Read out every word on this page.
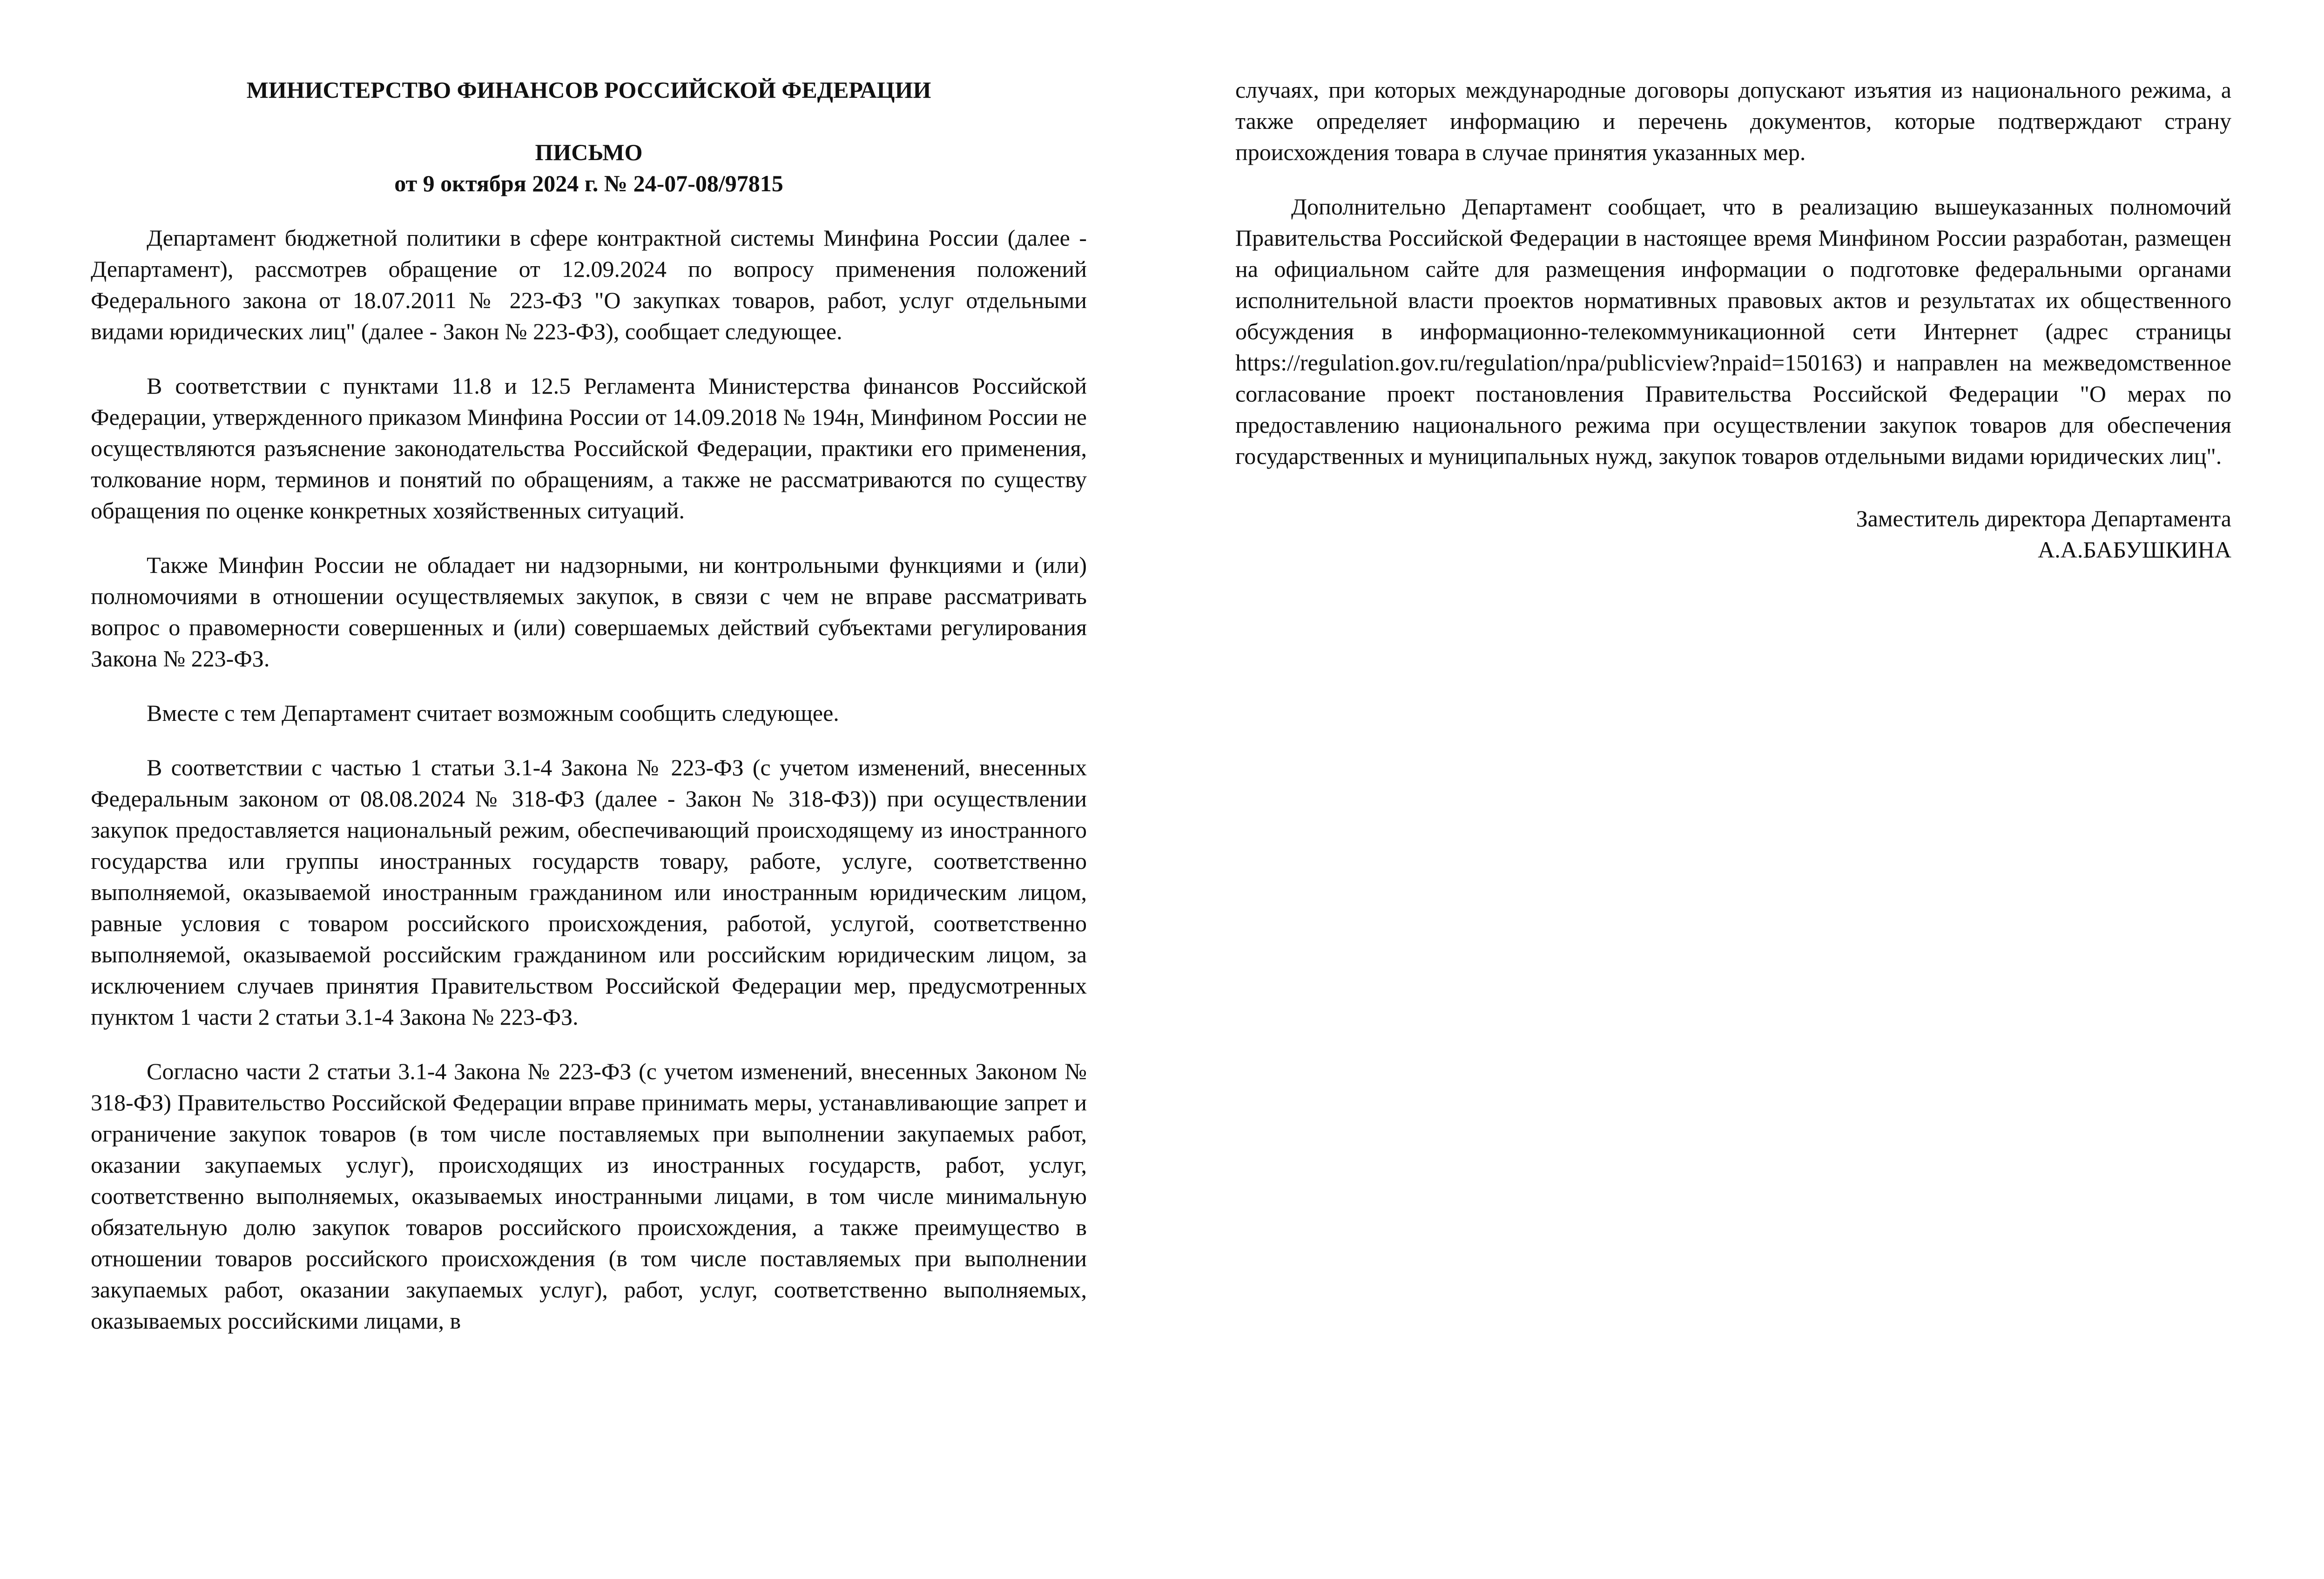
МИНИСТЕРСТВО ФИНАНСОВ РОССИЙСКОЙ ФЕДЕРАЦИИ
ПИСЬМО
от 9 октября 2024 г. № 24-07-08/97815

Департамент бюджетной политики в сфере контрактной системы Минфина России (далее - Департамент), рассмотрев обращение от 12.09.2024 по вопросу применения положений Федерального закона от 18.07.2011 № 223-ФЗ "О закупках товаров, работ, услуг отдельными видами юридических лиц" (далее - Закон № 223-ФЗ), сообщает следующее.

В соответствии с пунктами 11.8 и 12.5 Регламента Министерства финансов Российской Федерации, утвержденного приказом Минфина России от 14.09.2018 № 194н, Минфином России не осуществляются разъяснение законодательства Российской Федерации, практики его применения, толкование норм, терминов и понятий по обращениям, а также не рассматриваются по существу обращения по оценке конкретных хозяйственных ситуаций.

Также Минфин России не обладает ни надзорными, ни контрольными функциями и (или) полномочиями в отношении осуществляемых закупок, в связи с чем не вправе рассматривать вопрос о правомерности совершенных и (или) совершаемых действий субъектами регулирования Закона № 223-ФЗ.

Вместе с тем Департамент считает возможным сообщить следующее.

В соответствии с частью 1 статьи 3.1-4 Закона № 223-ФЗ (с учетом изменений, внесенных Федеральным законом от 08.08.2024 № 318-ФЗ (далее - Закон № 318-ФЗ)) при осуществлении закупок предоставляется национальный режим, обеспечивающий происходящему из иностранного государства или группы иностранных государств товару, работе, услуге, соответственно выполняемой, оказываемой иностранным гражданином или иностранным юридическим лицом, равные условия с товаром российского происхождения, работой, услугой, соответственно выполняемой, оказываемой российским гражданином или российским юридическим лицом, за исключением случаев принятия Правительством Российской Федерации мер, предусмотренных пунктом 1 части 2 статьи 3.1-4 Закона № 223-ФЗ.

Согласно части 2 статьи 3.1-4 Закона № 223-ФЗ (с учетом изменений, внесенных Законом № 318-ФЗ) Правительство Российской Федерации вправе принимать меры, устанавливающие запрет и ограничение закупок товаров (в том числе поставляемых при выполнении закупаемых работ, оказании закупаемых услуг), происходящих из иностранных государств, работ, услуг, соответственно выполняемых, оказываемых иностранными лицами, в том числе минимальную обязательную долю закупок товаров российского происхождения, а также преимущество в отношении товаров российского происхождения (в том числе поставляемых при выполнении закупаемых работ, оказании закупаемых услуг), работ, услуг, соответственно выполняемых, оказываемых российскими лицами, в

случаях, при которых международные договоры допускают изъятия из национального режима, а также определяет информацию и перечень документов, которые подтверждают страну происхождения товара в случае принятия указанных мер.

Дополнительно Департамент сообщает, что в реализацию вышеуказанных полномочий Правительства Российской Федерации в настоящее время Минфином России разработан, размещен на официальном сайте для размещения информации о подготовке федеральными органами исполнительной власти проектов нормативных правовых актов и результатах их общественного обсуждения в информационно-телекоммуникационной сети Интернет (адрес страницы https://regulation.gov.ru/regulation/npa/publicview?npaid=150163) и направлен на межведомственное согласование проект постановления Правительства Российской Федерации "О мерах по предоставлению национального режима при осуществлении закупок товаров для обеспечения государственных и муниципальных нужд, закупок товаров отдельными видами юридических лиц".

Заместитель директора Департамента
А.А.БАБУШКИНА
